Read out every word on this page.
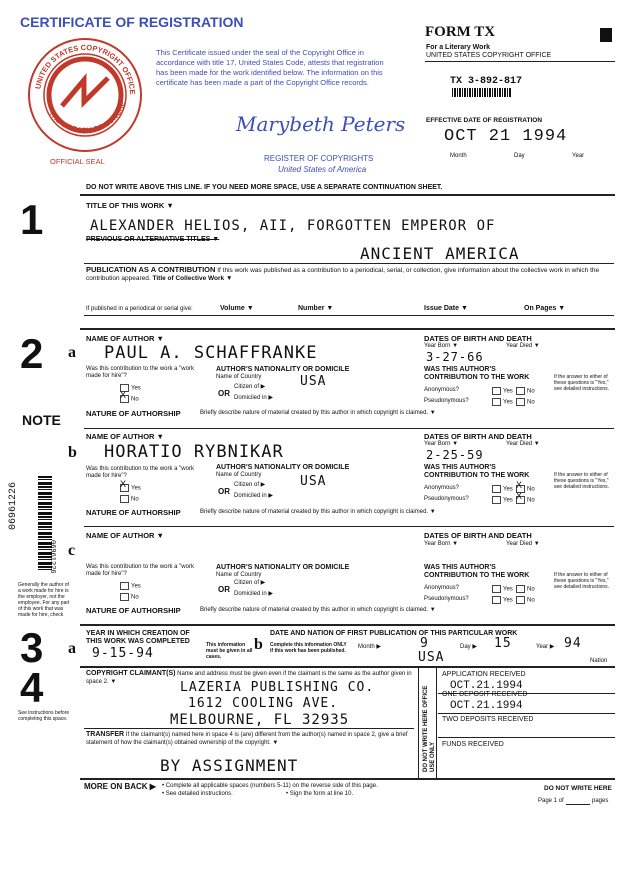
CERTIFICATE OF REGISTRATION
UNITED STATES COPYRIGHT OFFICE
THE LIBRARY OF CONGRE
OFFICIAL SEAL
This Certificate issued under the seal of the Copyright Office in accordance with title 17, United States Code, attests that registration has been made for the work identified below. The information on this certificate has been made a part of the Copyright Office records.
Marybeth Peters
REGISTER OF COPYRIGHTS
United States of America
FORM TX
For a Literary Work
UNITED STATES COPYRIGHT OFFICE
TX 3-892-817
EFFECTIVE DATE OF REGISTRATION
OCT 21 1994
Month	Day	Year
DO NOT WRITE ABOVE THIS LINE. IF YOU NEED MORE SPACE, USE A SEPARATE CONTINUATION SHEET.
1	TITLE OF THIS WORK ▼
ALEXANDER HELIOS, AII, FORGOTTEN EMPEROR OF
PREVIOUS OR ALTERNATIVE TITLES ▼
ANCIENT AMERICA
PUBLICATION AS A CONTRIBUTION If this work was published as a contribution to a periodical, serial, or collection, give information about the collective work in which the contribution appeared. Title of Collective Work ▼
If published in a periodical or serial give:	Volume ▼	Number ▼	Issue Date ▼	On Pages ▼
2
NOTE
a
NAME OF AUTHOR ▼
PAUL A. SCHAFFRANKE
DATES OF BIRTH AND DEATH
Year Born ▼	Year Died ▼
3-27-66
Was this contribution to the work a "work made for hire"?
Yes
X No
AUTHOR'S NATIONALITY OR DOMICILE
Name of Country
OR
Citizen of ▶
Domiciled in ▶
USA
WAS THIS AUTHOR'S CONTRIBUTION TO THE WORK
Anonymous?
Pseudonymous?
Yes	No
Yes	No
If the answer to either of these questions is "Yes," see detailed instructions.
NATURE OF AUTHORSHIP	Briefly describe nature of material created by this author in which copyright is claimed. ▼
b
NAME OF AUTHOR ▼
HORATIO RYBNIKAR
DATES OF BIRTH AND DEATH
Year Born ▼	Year Died ▼
2-25-59
Was this contribution to the work a "work made for hire"?
X Yes
No
AUTHOR'S NATIONALITY OR DOMICILE
Name of Country
OR
Citizen of ▶
Domiciled in ▶
USA
WAS THIS AUTHOR'S CONTRIBUTION TO THE WORK
Anonymous?
Pseudonymous?
Yes X No
Yes X No
If the answer to either of these questions is "Yes," see detailed instructions.
NATURE OF AUTHORSHIP	Briefly describe nature of material created by this author in which copyright is claimed. ▼
06961226
06961226 c
NAME OF AUTHOR ▼	DATES OF BIRTH AND DEATH
Year Born ▼	Year Died ▼
Was this contribution to the work a "work made for hire"?
Yes
No
AUTHOR'S NATIONALITY OR DOMICILE
Name of Country
OR
Citizen of ▶
Domiciled in ▶
WAS THIS AUTHOR'S CONTRIBUTION TO THE WORK
Anonymous?
Pseudonymous?
Yes	No
Yes	No
If the answer to either of these questions is "Yes," see detailed instructions.
NATURE OF AUTHORSHIP	Briefly describe nature of material created by this author in which copyright is claimed. ▼
Generally the author of a work made for hire is the employer, not the employee. For any part of this work that was made for hire, check
3 a
YEAR IN WHICH CREATION OF THIS WORK WAS COMPLETED
9-15-94
This information must be given in all cases.
b
DATE AND NATION OF FIRST PUBLICATION OF THIS PARTICULAR WORK
Complete this information ONLY if this work has been published.
Month ▶	9	Day ▶ 15	Year ▶ 94
USA	Nation
4
See instructions before completing this space.
COPYRIGHT CLAIMANT(S) Name and address must be given even if the claimant is the same as the author given in space 2. ▼	LAZERIA PUBLISHING CO.
1612 COOLING AVE.
MELBOURNE, FL 32935
TRANSFER If the claimant(s) named here in space 4 is (are) different from the author(s) named in space 2, give a brief statement of how the claimant(s) obtained ownership of the copyright. ▼
BY ASSIGNMENT	DO NOT WRITE HERE OFFICE USE ONLY
APPLICATION RECEIVED
OCT.21.1994
ONE DEPOSIT RECEIVED
OCT.21.1994
TWO DEPOSITS RECEIVED
FUNDS RECEIVED
MORE ON BACK ▶ • Complete all applicable spaces (numbers 5-11) on the reverse side of this page.
• See detailed instructions.	• Sign the form at line 10.
DO NOT WRITE HERE
Page 1 of	pages
